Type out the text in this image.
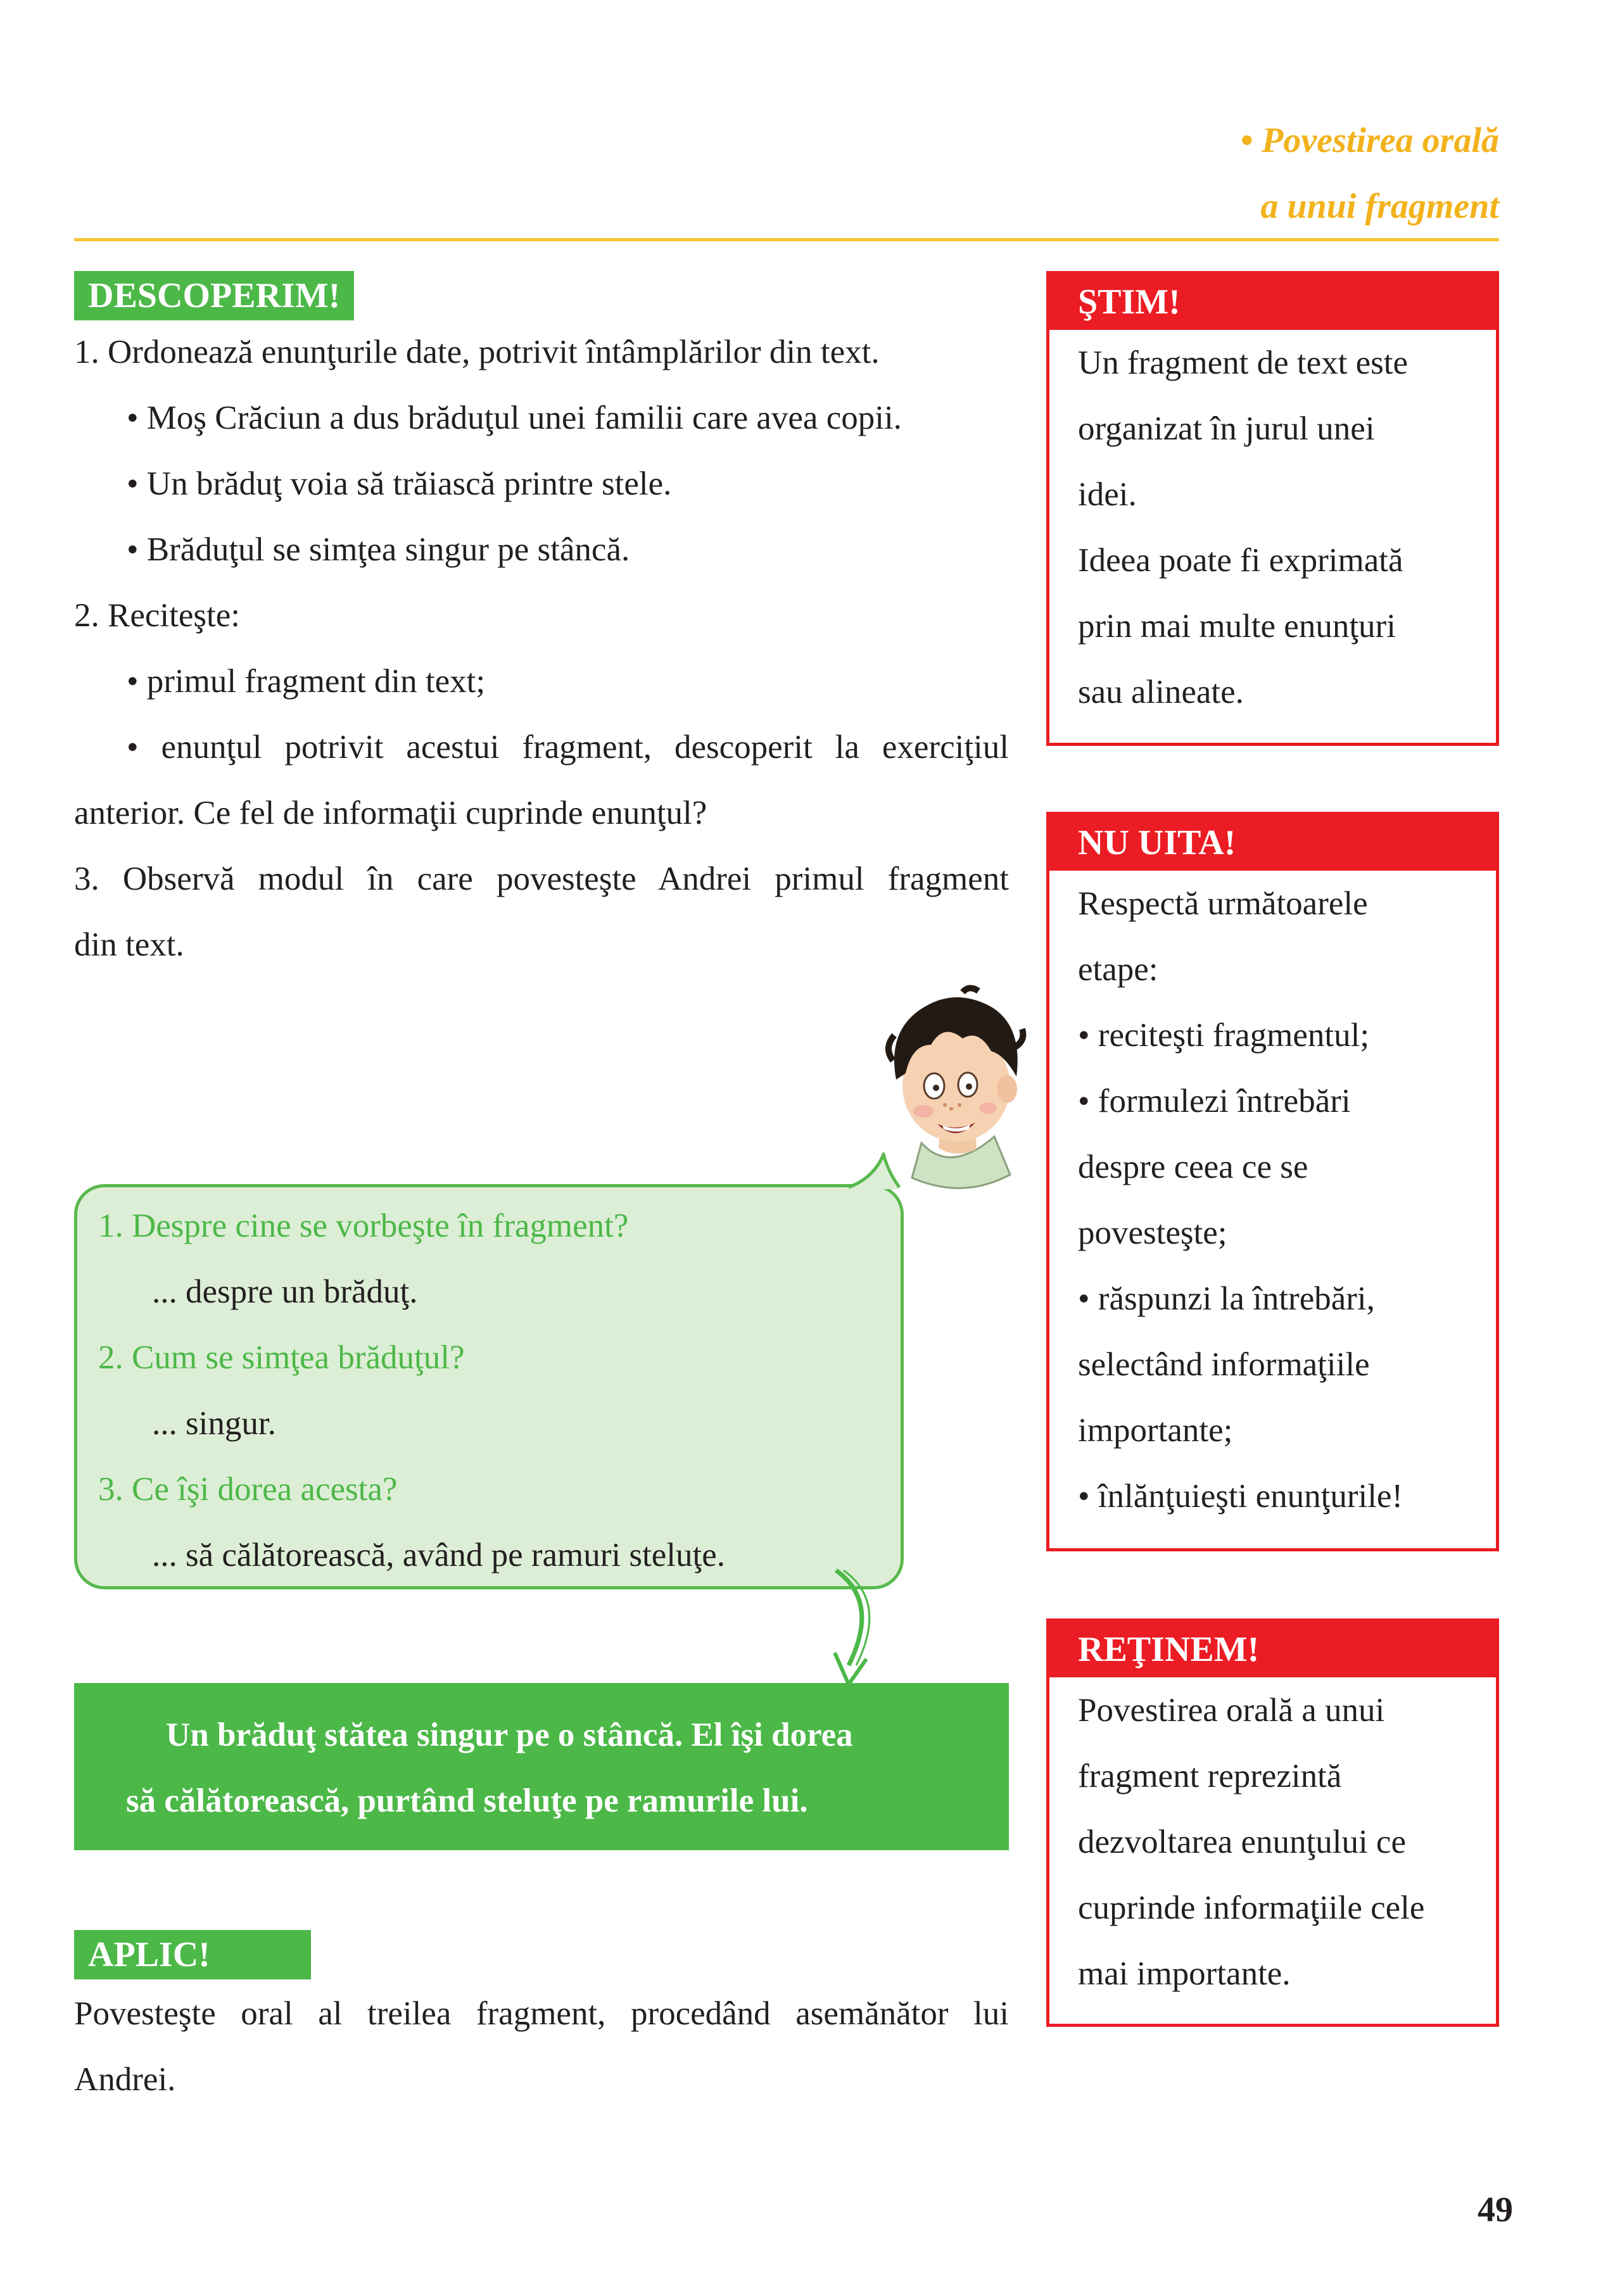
• Povestirea orală
a unui fragment
DESCOPERIM!
1. Ordonează enunţurile date, potrivit întâmplărilor din text.
• Moş Crăciun a dus brăduţul unei familii care avea copii.
• Un brăduţ voia să trăiască printre stele.
• Brăduţul se simţea singur pe stâncă.
2. Reciteşte:
• primul fragment din text;
• enunţul potrivit acestui fragment, descoperit la exerciţiul
anterior. Ce fel de informaţii cuprinde enunţul?
3. Observă modul în care povesteşte Andrei primul fragment
din text.
1. Despre cine se vorbeşte în fragment?
... despre un brăduţ.
2. Cum se simţea brăduţul?
... singur.
3. Ce îşi dorea acesta?
... să călătorească, având pe ramuri steluţe.
Un brăduţ stătea singur pe o stâncă. El îşi dorea
să călătorească, purtând steluţe pe ramurile lui.
APLIC!
Povesteşte oral al treilea fragment, procedând asemănător lui
Andrei.
ŞTIM!
Un fragment de text este
organizat în jurul unei
idei.
Ideea poate fi exprimată
prin mai multe enunţuri
sau alineate.
NU UITA!
Respectă următoarele
etape:
• reciteşti fragmentul;
• formulezi întrebări
despre ceea ce se
povesteşte;
• răspunzi la întrebări,
selectând informaţiile
importante;
• înlănţuieşti enunţurile!
REŢINEM!
Povestirea orală a unui
fragment reprezintă
dezvoltarea enunţului ce
cuprinde informaţiile cele
mai importante.
49
